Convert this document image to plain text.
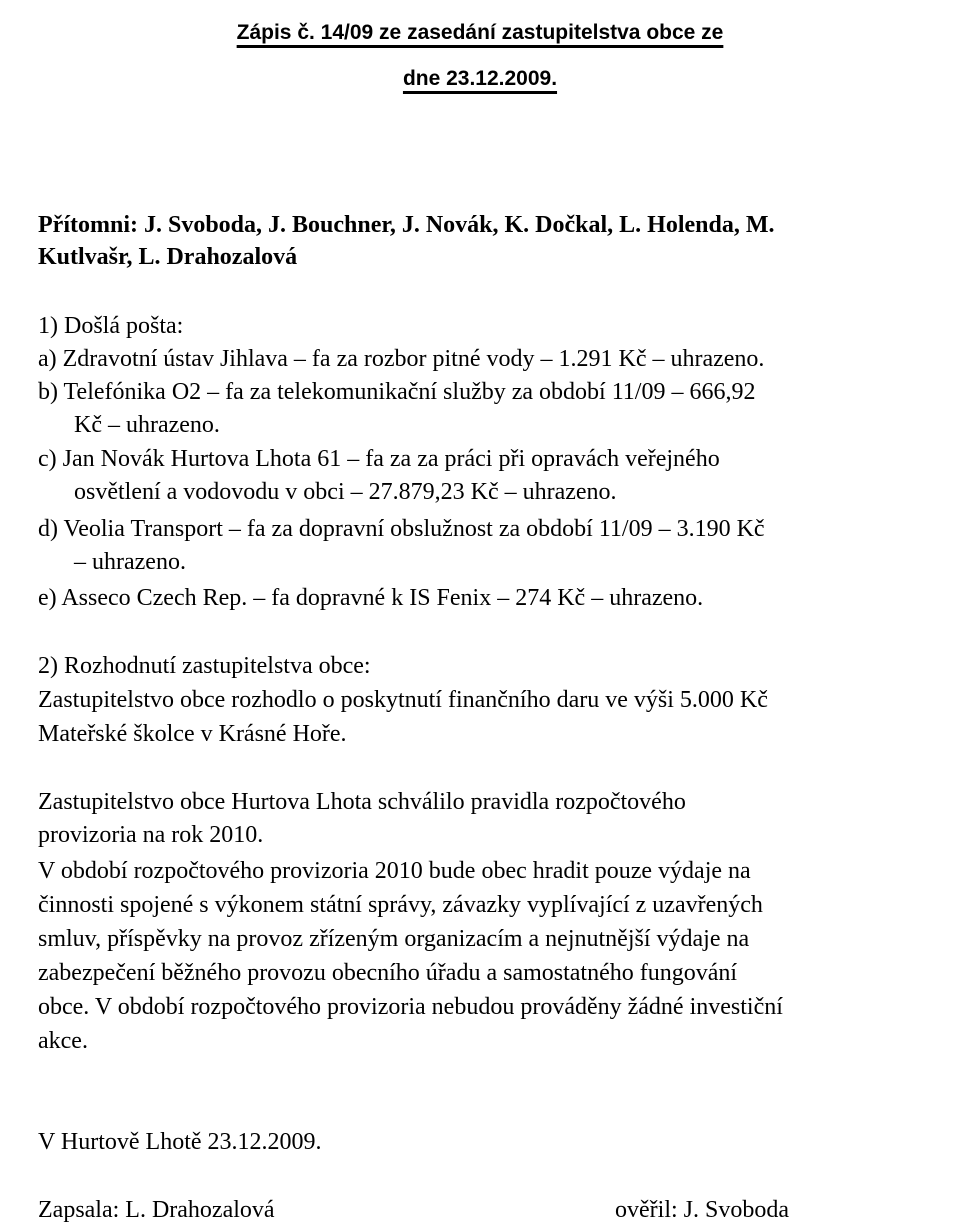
Zápis č. 14/09 ze zasedání zastupitelstva obce ze
dne 23.12.2009.
Přítomni: J. Svoboda, J. Bouchner, J. Novák, K. Dočkal, L. Holenda, M.
Kutlvašr, L. Drahozalová
1) Došlá pošta:
a) Zdravotní ústav Jihlava – fa za rozbor pitné vody – 1.291 Kč – uhrazeno.
b) Telefónika O2 – fa za telekomunikační služby za období 11/09 – 666,92
Kč – uhrazeno.
c) Jan Novák Hurtova Lhota 61 – fa za za práci při opravách veřejného
osvětlení a vodovodu v obci – 27.879,23 Kč – uhrazeno.
d) Veolia Transport – fa za dopravní obslužnost za období 11/09 – 3.190 Kč
– uhrazeno.
e) Asseco Czech Rep. – fa dopravné k IS Fenix – 274 Kč – uhrazeno.
2) Rozhodnutí zastupitelstva obce:
Zastupitelstvo obce rozhodlo o poskytnutí finančního daru ve výši 5.000 Kč
Mateřské školce v Krásné Hoře.
Zastupitelstvo obce Hurtova Lhota schválilo pravidla rozpočtového
provizoria na rok 2010.
V období rozpočtového provizoria 2010 bude obec hradit pouze výdaje na
činnosti spojené s výkonem státní správy, závazky vyplívající z uzavřených
smluv, příspěvky na provoz zřízeným organizacím a nejnutnější výdaje na
zabezpečení běžného provozu obecního úřadu a samostatného fungování
obce. V období rozpočtového provizoria nebudou prováděny žádné investiční
akce.
V Hurtově Lhotě 23.12.2009.
Zapsala: L. Drahozalová	ověřil: J. Svoboda
